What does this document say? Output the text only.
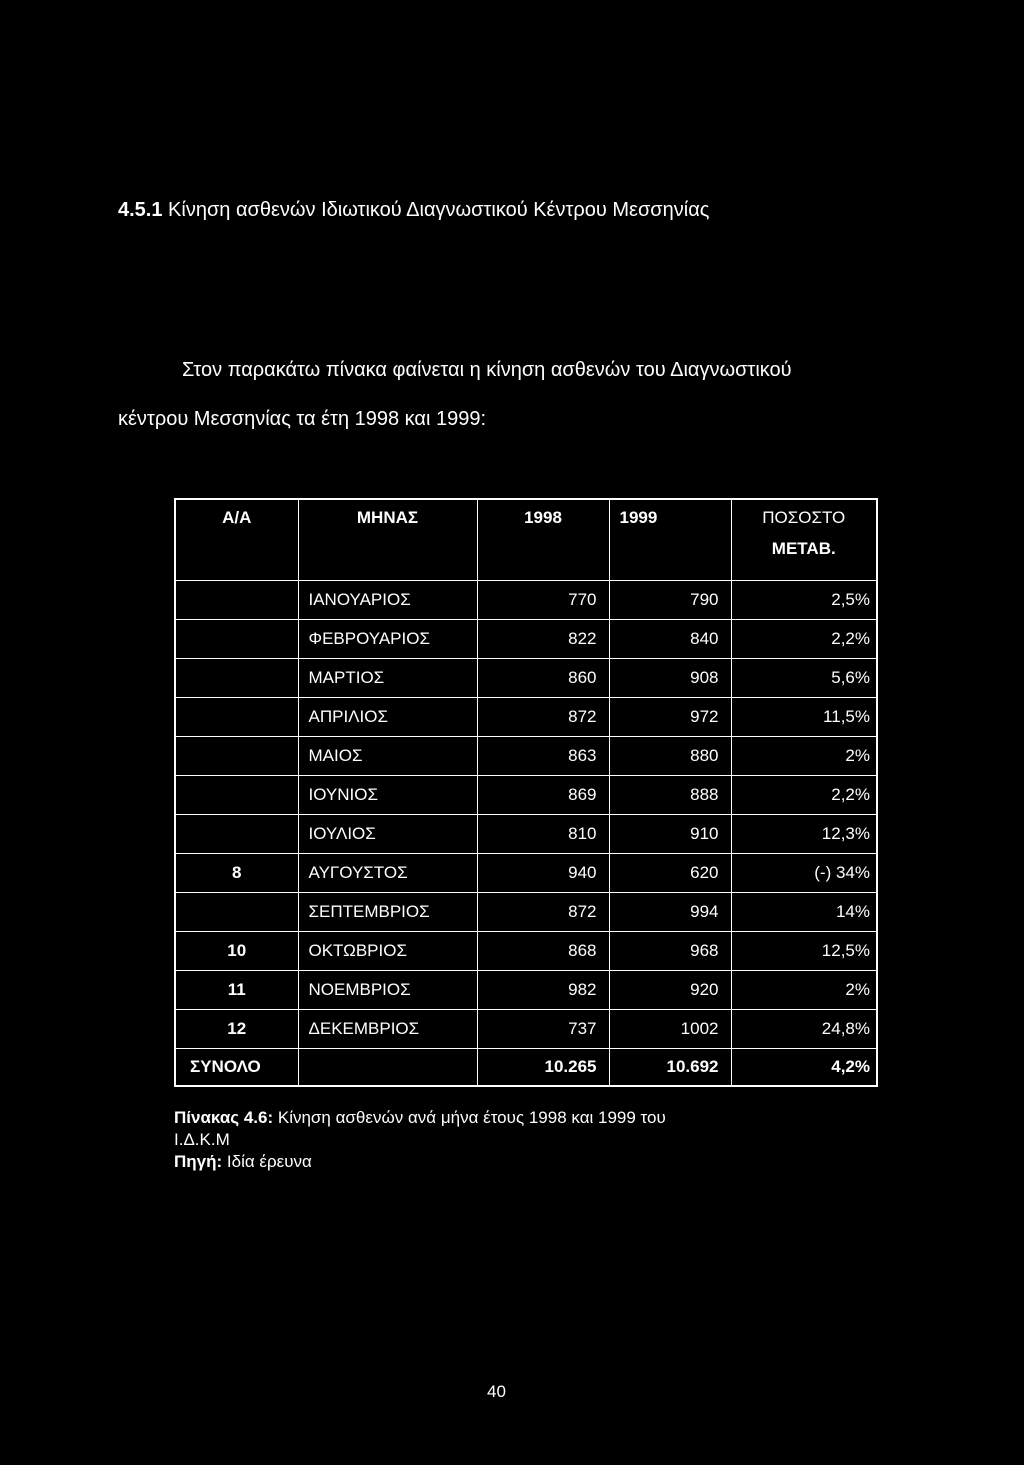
4.5.1 Κίνηση ασθενών Ιδιωτικού Διαγνωστικού Κέντρου Μεσσηνίας
Στον παρακάτω πίνακα φαίνεται η κίνηση ασθενών του Διαγνωστικού
κέντρου Μεσσηνίας τα έτη 1998 και 1999:
Α/Α	ΜΗΝΑΣ	1998	1999	ΠΟΣΟΣΤΟ
ΜΕΤΑΒ.
	ΙΑΝΟΥΑΡΙΟΣ	770	790	2,5%
	ΦΕΒΡΟΥΑΡΙΟΣ	822	840	2,2%
	ΜΑΡΤΙΟΣ	860	908	5,6%
	ΑΠΡΙΛΙΟΣ	872	972	11,5%
	ΜΑΙΟΣ	863	880	2%
	ΙΟΥΝΙΟΣ	869	888	2,2%
	ΙΟΥΛΙΟΣ	810	910	12,3%
8	ΑΥΓΟΥΣΤΟΣ	940	620	(-) 34%
	ΣΕΠΤΕΜΒΡΙΟΣ	872	994	14%
10	ΟΚΤΩΒΡΙΟΣ	868	968	12,5%
11	ΝΟΕΜΒΡΙΟΣ	982	920	2%
12	ΔΕΚΕΜΒΡΙΟΣ	737	1002	24,8%
ΣΥΝΟΛΟ		10.265	10.692	4,2%
Πίνακας 4.6: Κίνηση ασθενών ανά μήνα έτους 1998 και 1999 του
Ι.Δ.Κ.Μ
Πηγή: Ιδία έρευνα
40
